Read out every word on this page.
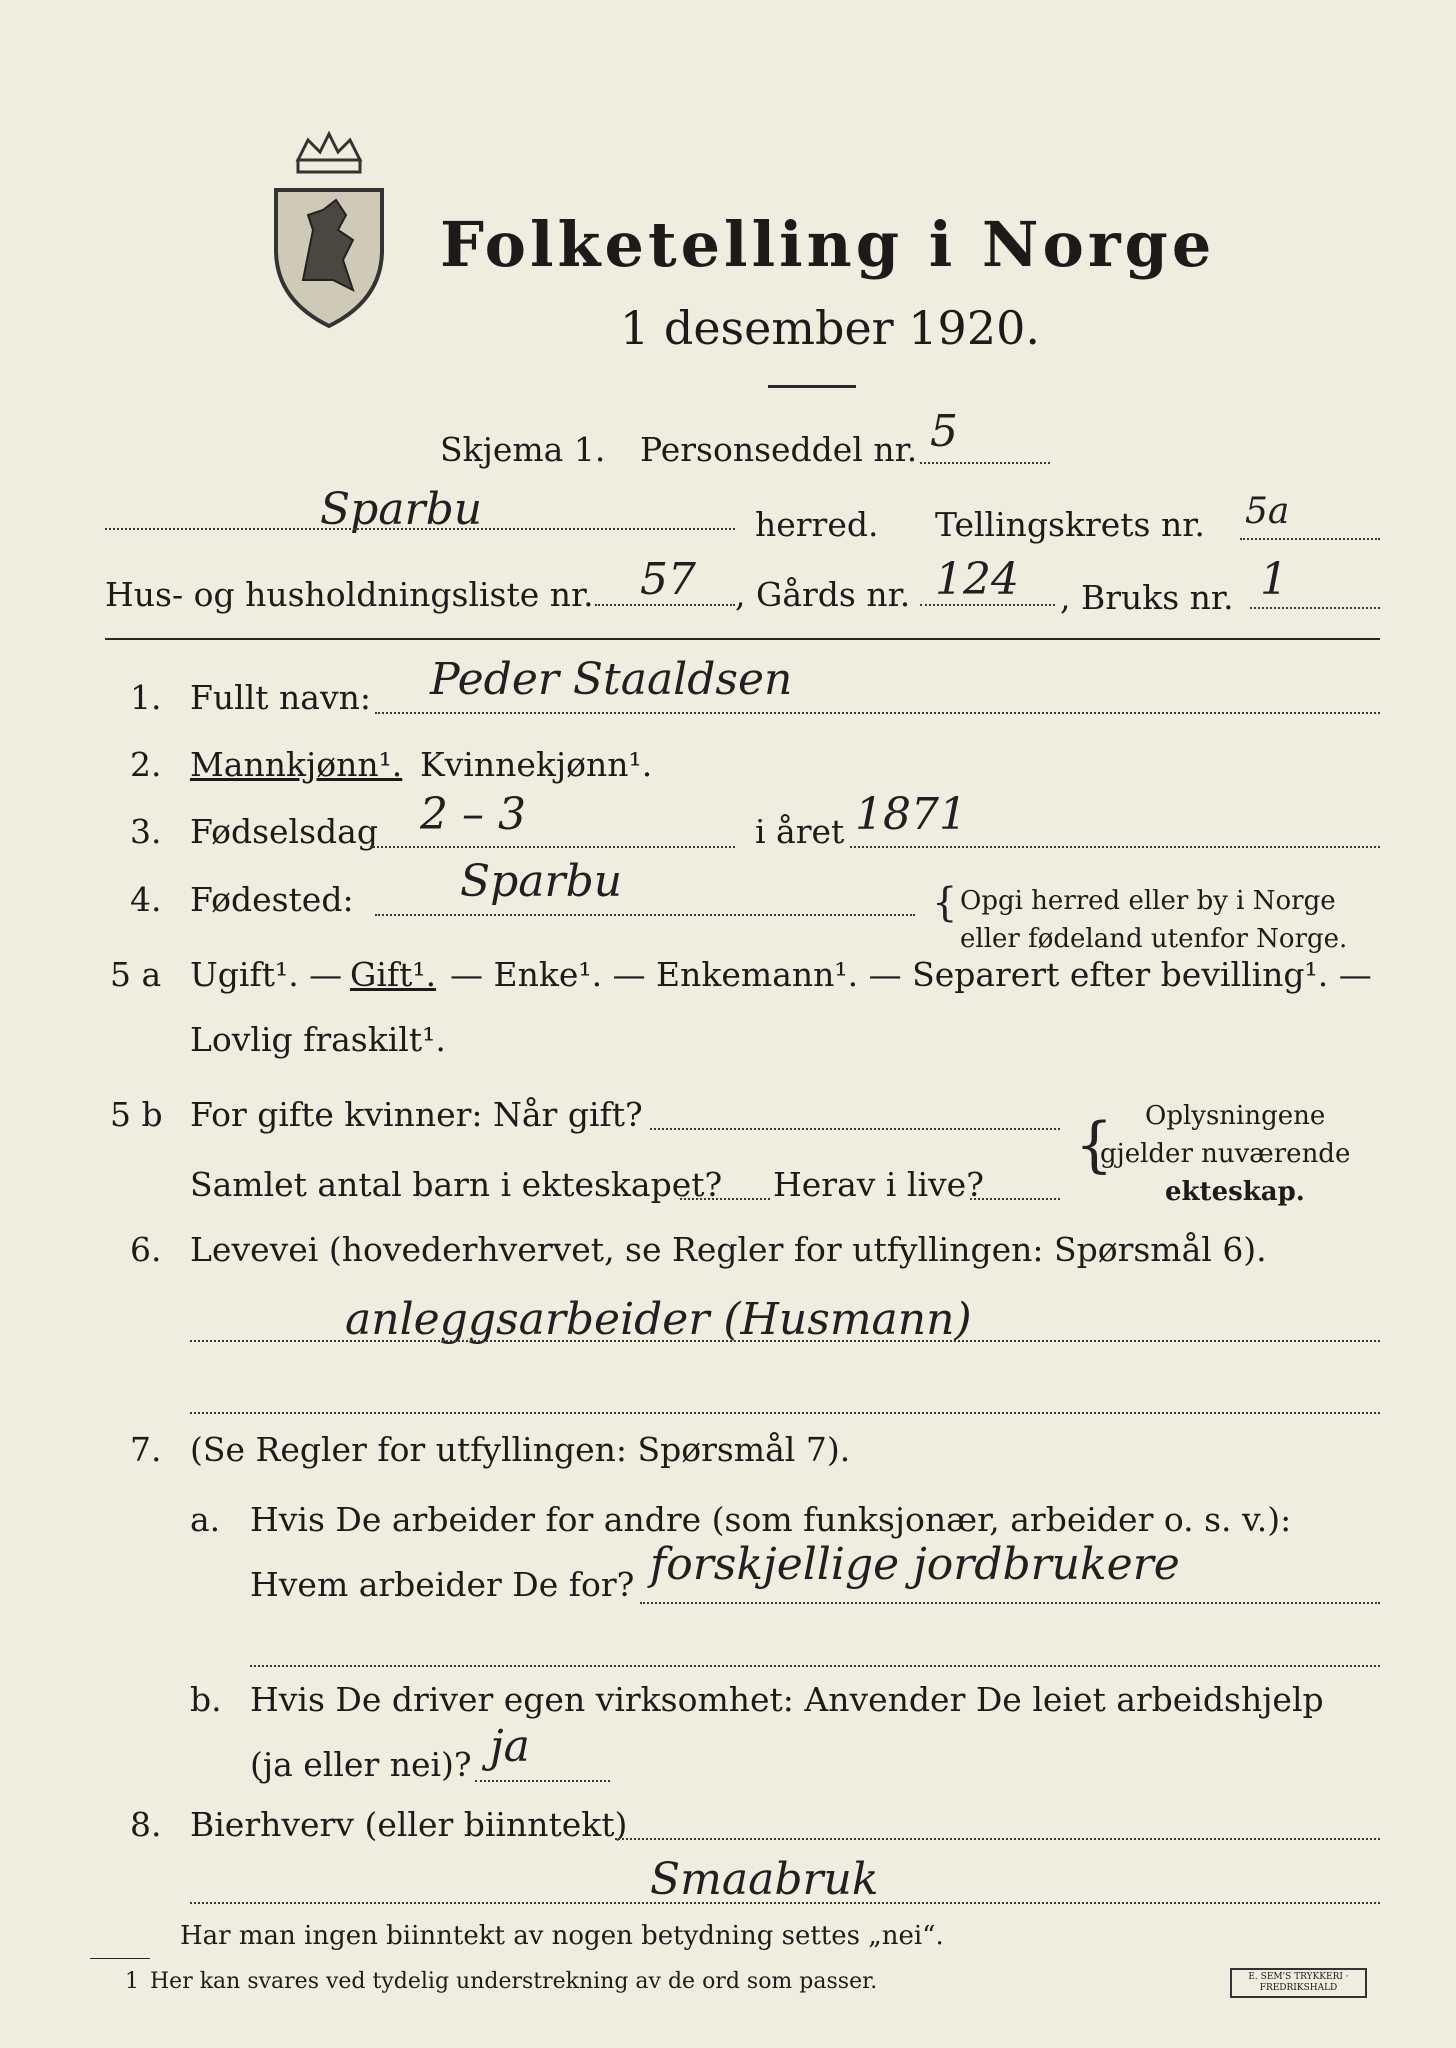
Folketelling i Norge
1 desember 1920.
Skjema 1. Personseddel nr. 5
Sparbu	herred. Tellingskrets nr. 5a
Hus- og husholdningsliste nr. 57 , Gårds nr. 124 , Bruks nr. 1
1. Fullt navn: Peder Staaldsen
2. Mannkjønn¹. Kvinnekjønn¹.
3. Fødselsdag 2 – 3	i året 1871
4. Fødested: Sparbu	{ Opgi herred eller by i Norge
eller fødeland utenfor Norge.
5 a Ugift¹. — Gift¹. — Enke¹. — Enkemann¹. — Separert efter bevilling¹. —
Lovlig fraskilt¹.
5 b For gifte kvinner: Når gift?
Samlet antal barn i ekteskapet? Herav i live?
{ Oplysningene
gjelder nuværende
ekteskap.
6. Levevei (hovederhvervet, se Regler for utfyllingen: Spørsmål 6).
anleggsarbeider (Husmann)
7. (Se Regler for utfyllingen: Spørsmål 7).
a. Hvis De arbeider for andre (som funksjonær, arbeider o. s. v.):
Hvem arbeider De for? forskjellige jordbrukere
b. Hvis De driver egen virksomhet: Anvender De leiet arbeidshjelp
(ja eller nei)? ja
8. Bierhverv (eller biinntekt)
Smaabruk
Har man ingen biinntekt av nogen betydning settes „nei“.
1 Her kan svares ved tydelig understrekning av de ord som passer.	E. SEM'S TRYKKERI · FREDRIKSHALD
